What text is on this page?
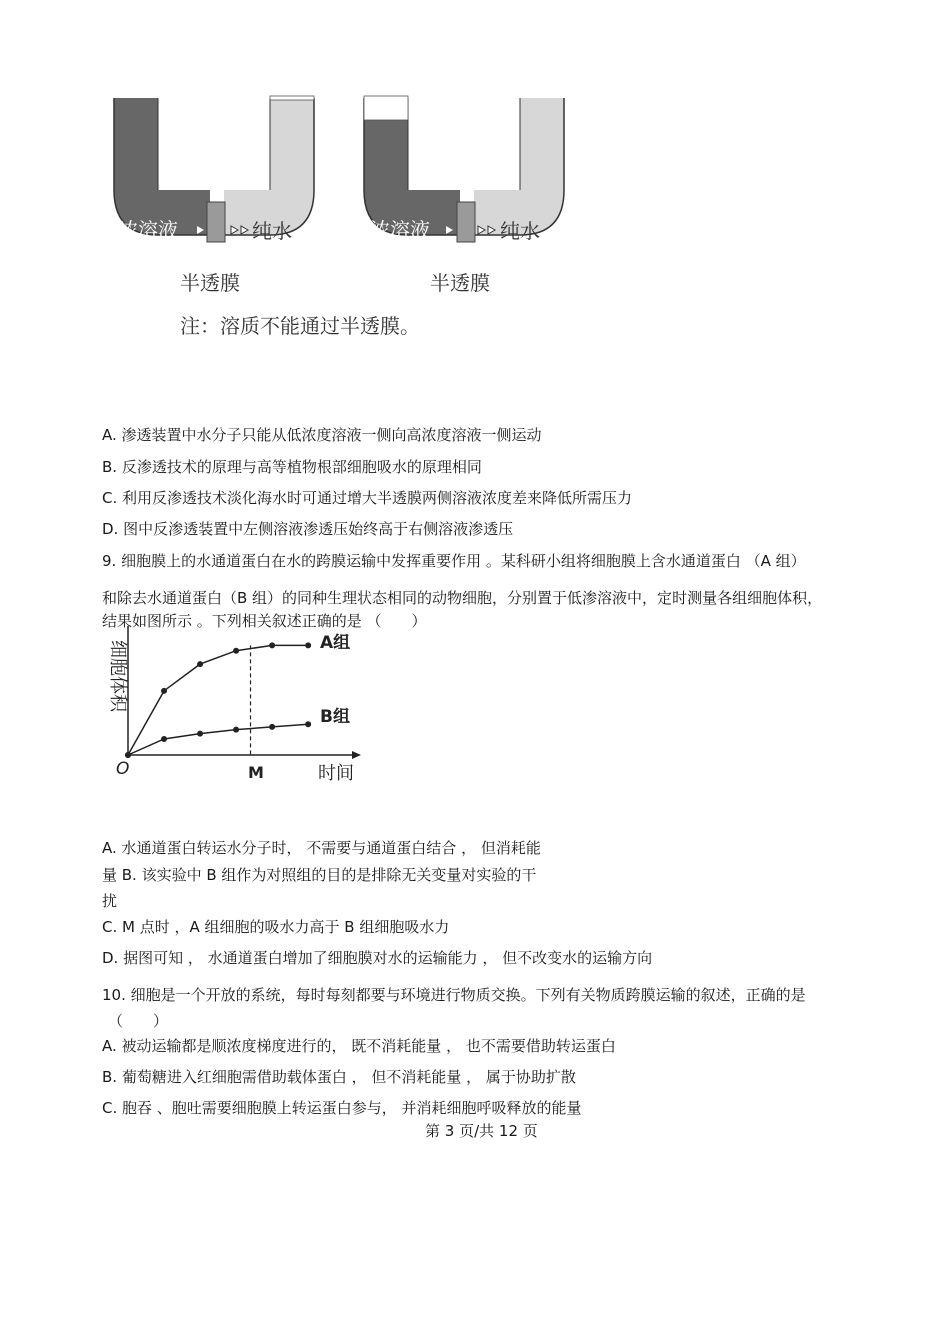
浓溶液	纯水
半透膜
浓溶液	纯水
半透膜
注：溶质不能通过半透膜。
A. 渗透装置中水分子只能从低浓度溶液一侧向高浓度溶液一侧运动
B. 反渗透技术的原理与高等植物根部细胞吸水的原理相同
C. 利用反渗透技术淡化海水时可通过增大半透膜两侧溶液浓度差来降低所需压力
D. 图中反渗透装置中左侧溶液渗透压始终高于右侧溶液渗透压
9. 细胞膜上的水通道蛋白在水的跨膜运输中发挥重要作用 。某科研小组将细胞膜上含水通道蛋白 （A 组）
和除去水通道蛋白（B 组）的同种生理状态相同的动物细胞，分别置于低渗溶液中，定时测量各组细胞体积，
结果如图所示 。下列相关叙述正确的是 （　　）
细胞体积
时间
O	M
A组
B组
A. 水通道蛋白转运水分子时， 不需要与通道蛋白结合 ， 但消耗能
量 B. 该实验中 B 组作为对照组的目的是排除无关变量对实验的干
扰
C. M 点时 ，A 组细胞的吸水力高于 B 组细胞吸水力
D. 据图可知 ， 水通道蛋白增加了细胞膜对水的运输能力 ， 但不改变水的运输方向
10. 细胞是一个开放的系统，每时每刻都要与环境进行物质交换。下列有关物质跨膜运输的叙述，正确的是
（　　）
A. 被动运输都是顺浓度梯度进行的， 既不消耗能量 ， 也不需要借助转运蛋白
B. 葡萄糖进入红细胞需借助载体蛋白 ， 但不消耗能量 ， 属于协助扩散
C. 胞吞 、胞吐需要细胞膜上转运蛋白参与， 并消耗细胞呼吸释放的能量
第 3 页/共 12 页
